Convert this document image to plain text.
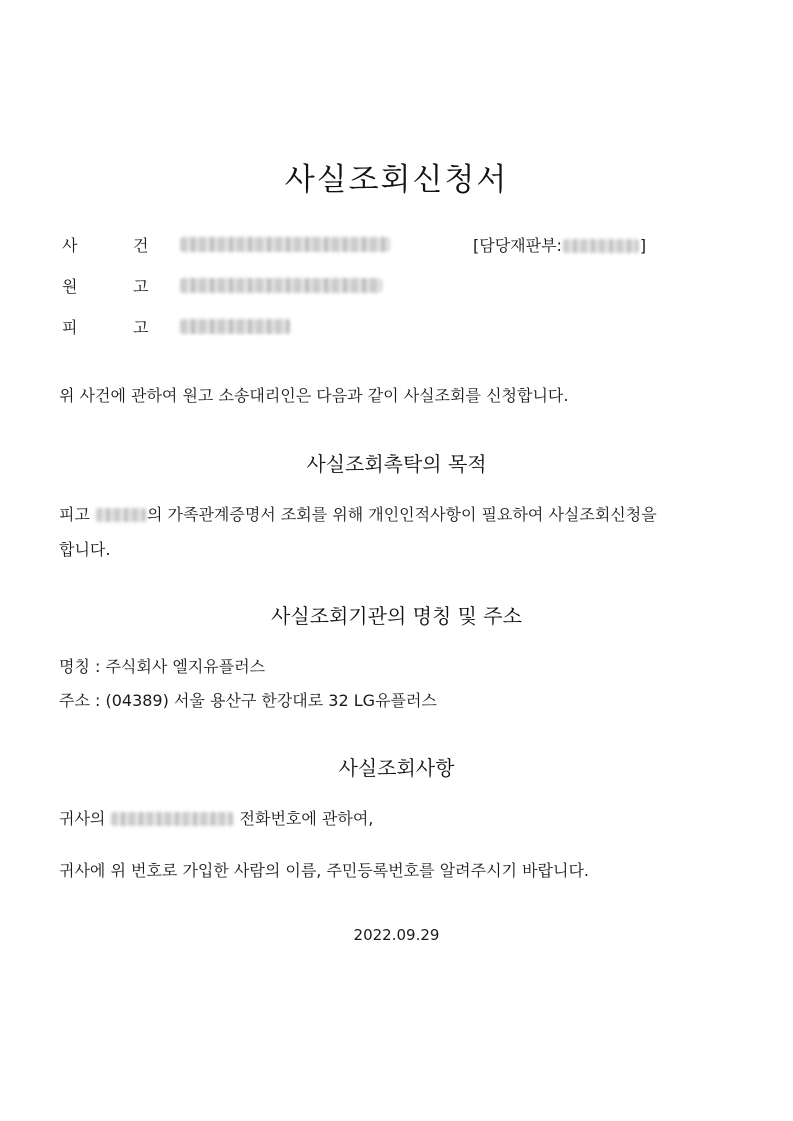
사실조회신청서
사	건	[담당재판부:	]
원	고
피	고
위 사건에 관하여 원고 소송대리인은 다음과 같이 사실조회를 신청합니다.
사실조회촉탁의 목적
피고	의 가족관계증명서 조회를 위해 개인인적사항이 필요하여 사실조회신청을
합니다.
사실조회기관의 명칭 및 주소
명칭 : 주식회사 엘지유플러스
주소 : (04389) 서울 용산구 한강대로 32 LG유플러스
사실조회사항
귀사의	전화번호에 관하여,
귀사에 위 번호로 가입한 사람의 이름, 주민등록번호를 알려주시기 바랍니다.
2022.09.29
